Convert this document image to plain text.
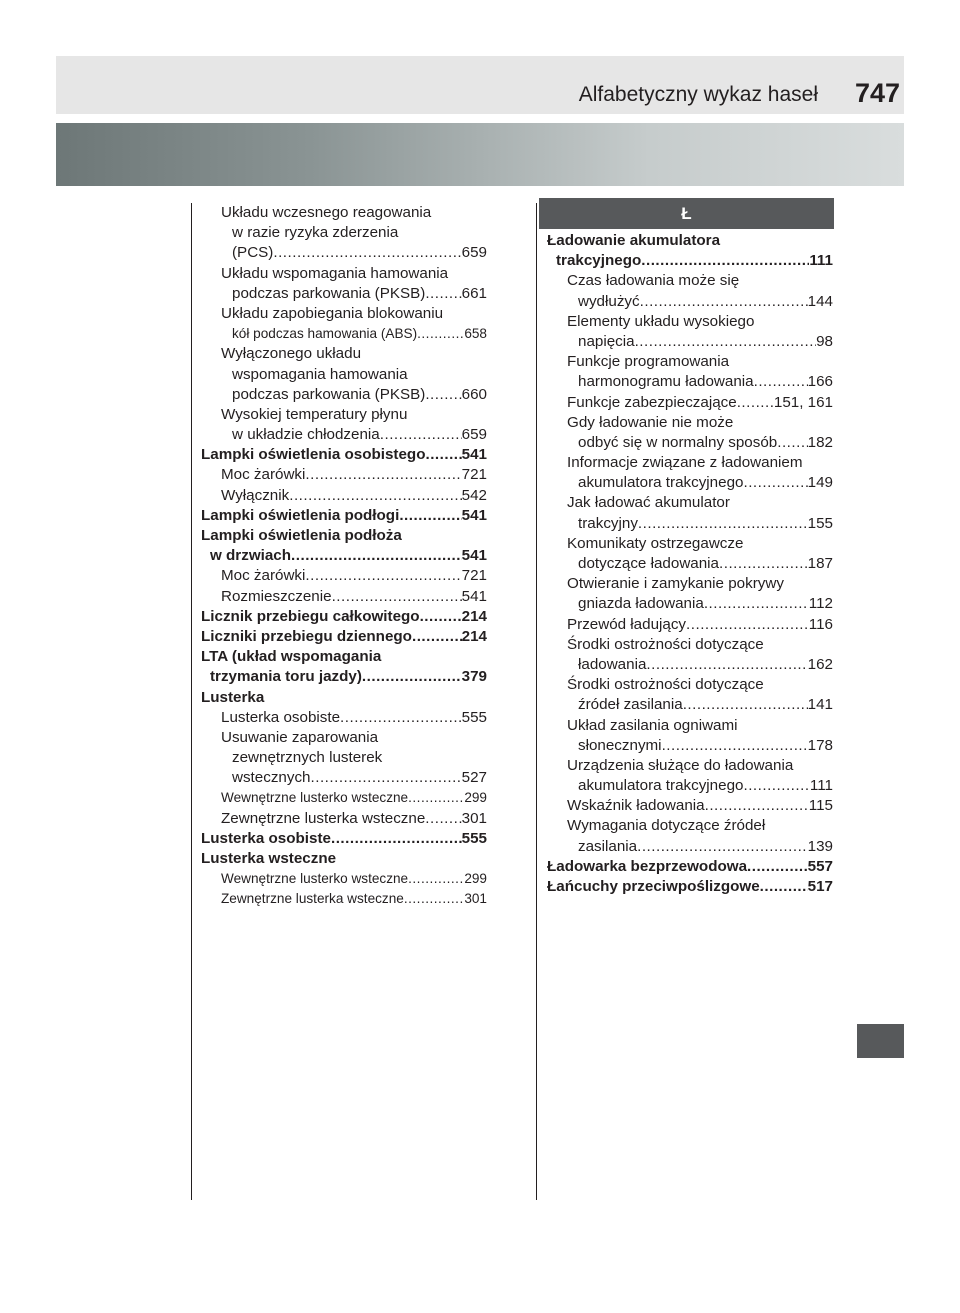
Alfabetyczny wykaz haseł 747
Ł
Układu wczesnego reagowania
w razie ryzyka zderzenia
(PCS) .....	659
Układu wspomagania hamowania
podczas parkowania (PKSB) ..... 661
Układu zapobiegania blokowaniu
kół podczas hamowania (ABS) .....	658
Wyłączonego układu
wspomagania hamowania
podczas parkowania (PKSB) ..... 660
Wysokiej temperatury płynu
w układzie chłodzenia .....	659
Lampki oświetlenia osobistego ..... 541
Moc żarówki .....	721
Wyłącznik .....	542
Lampki oświetlenia podłogi .....	541
Lampki oświetlenia podłoża
w drzwiach .....	541
Moc żarówki .....	721
Rozmieszczenie .....	541
Licznik przebiegu całkowitego .....	214
Liczniki przebiegu dziennego .....	214
LTA (układ wspomagania
trzymania toru jazdy) .....	379
Lusterka
Lusterka osobiste .....	555
Usuwanie zaparowania
zewnętrznych lusterek
wstecznych .....	527
Wewnętrzne lusterko wsteczne .....	299
Zewnętrzne lusterka wsteczne ..... 301
Lusterka osobiste .....	555
Lusterka wsteczne
Wewnętrzne lusterko wsteczne .....	299
Zewnętrzne lusterka wsteczne .....	301
Ładowanie akumulatora
trakcyjnego .....	111
Czas ładowania może się
wydłużyć .....	144
Elementy układu wysokiego
napięcia .....	98
Funkcje programowania
harmonogramu ładowania .....	166
Funkcje zabezpieczające ..... 151, 161
Gdy ładowanie nie może
odbyć się w normalny sposób ..... 182
Informacje związane z ładowaniem
akumulatora trakcyjnego .....	149
Jak ładować akumulator
trakcyjny .....	155
Komunikaty ostrzegawcze
dotyczące ładowania .....	187
Otwieranie i zamykanie pokrywy
gniazda ładowania .....	112
Przewód ładujący .....	116
Środki ostrożności dotyczące
ładowania .....	162
Środki ostrożności dotyczące
źródeł zasilania .....	141
Układ zasilania ogniwami
słonecznymi .....	178
Urządzenia służące do ładowania
akumulatora trakcyjnego .....	111
Wskaźnik ładowania .....	115
Wymagania dotyczące źródeł
zasilania .....	139
Ładowarka bezprzewodowa .....	557
Łańcuchy przeciwpoślizgowe .....	517
